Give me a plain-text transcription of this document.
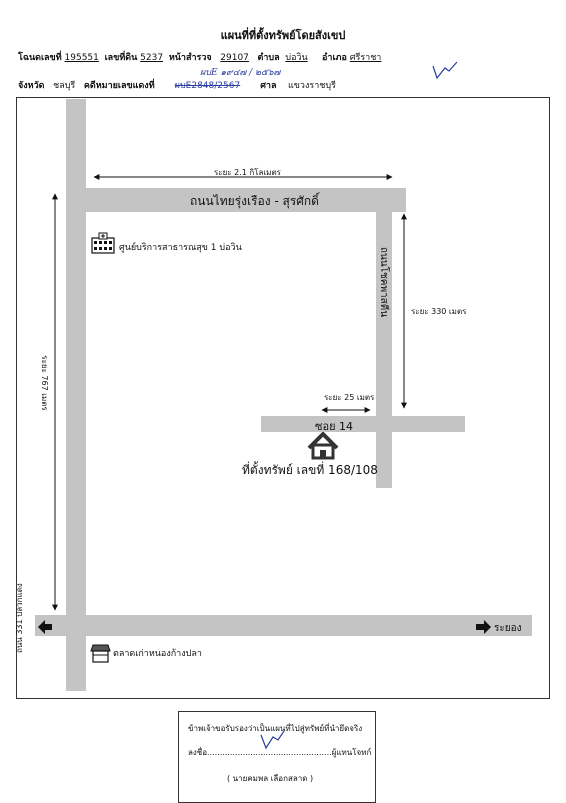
แผนที่ที่ตั้งทรัพย์โดยสังเขป
โฉนดเลขที่ 195551 เลขที่ดิน 5237 หน้าสำรวจ 29107 ตำบล บ่อวิน อำเภอ ศรีราชา
ผบE ๑๙๔๗ / ๒๕๖๗
จังหวัด ชลบุรี คดีหมายเลขแดงที่ ผบE2848/2567 ศาล แขวงราชบุรี
ระยะ 2.1 กิโลเมตร
ถนนไทยรุ่งเรือง - สุรศักดิ์
ศูนย์บริการสาธารณสุข 1 บ่อวิน	ถนนโชคพาสตีน	ระยะ 330 เมตร
ระยะ 767 เมตร	ระยะ 25 เมตร
ซอย 14
ที่ตั้งทรัพย์ เลขที่ 168/108
ถนน 331 ปลวกแดง	ระยอง
ตลาดเก่าหนองก้างปลา
ข้าพเจ้าขอรับรองว่าเป็นแผนที่ไปสู่ทรัพย์ที่นำยึดจริง
ลงชื่อ.................................................ผู้แทนโจทก์
( นายคมพล เลือกสลาด )
